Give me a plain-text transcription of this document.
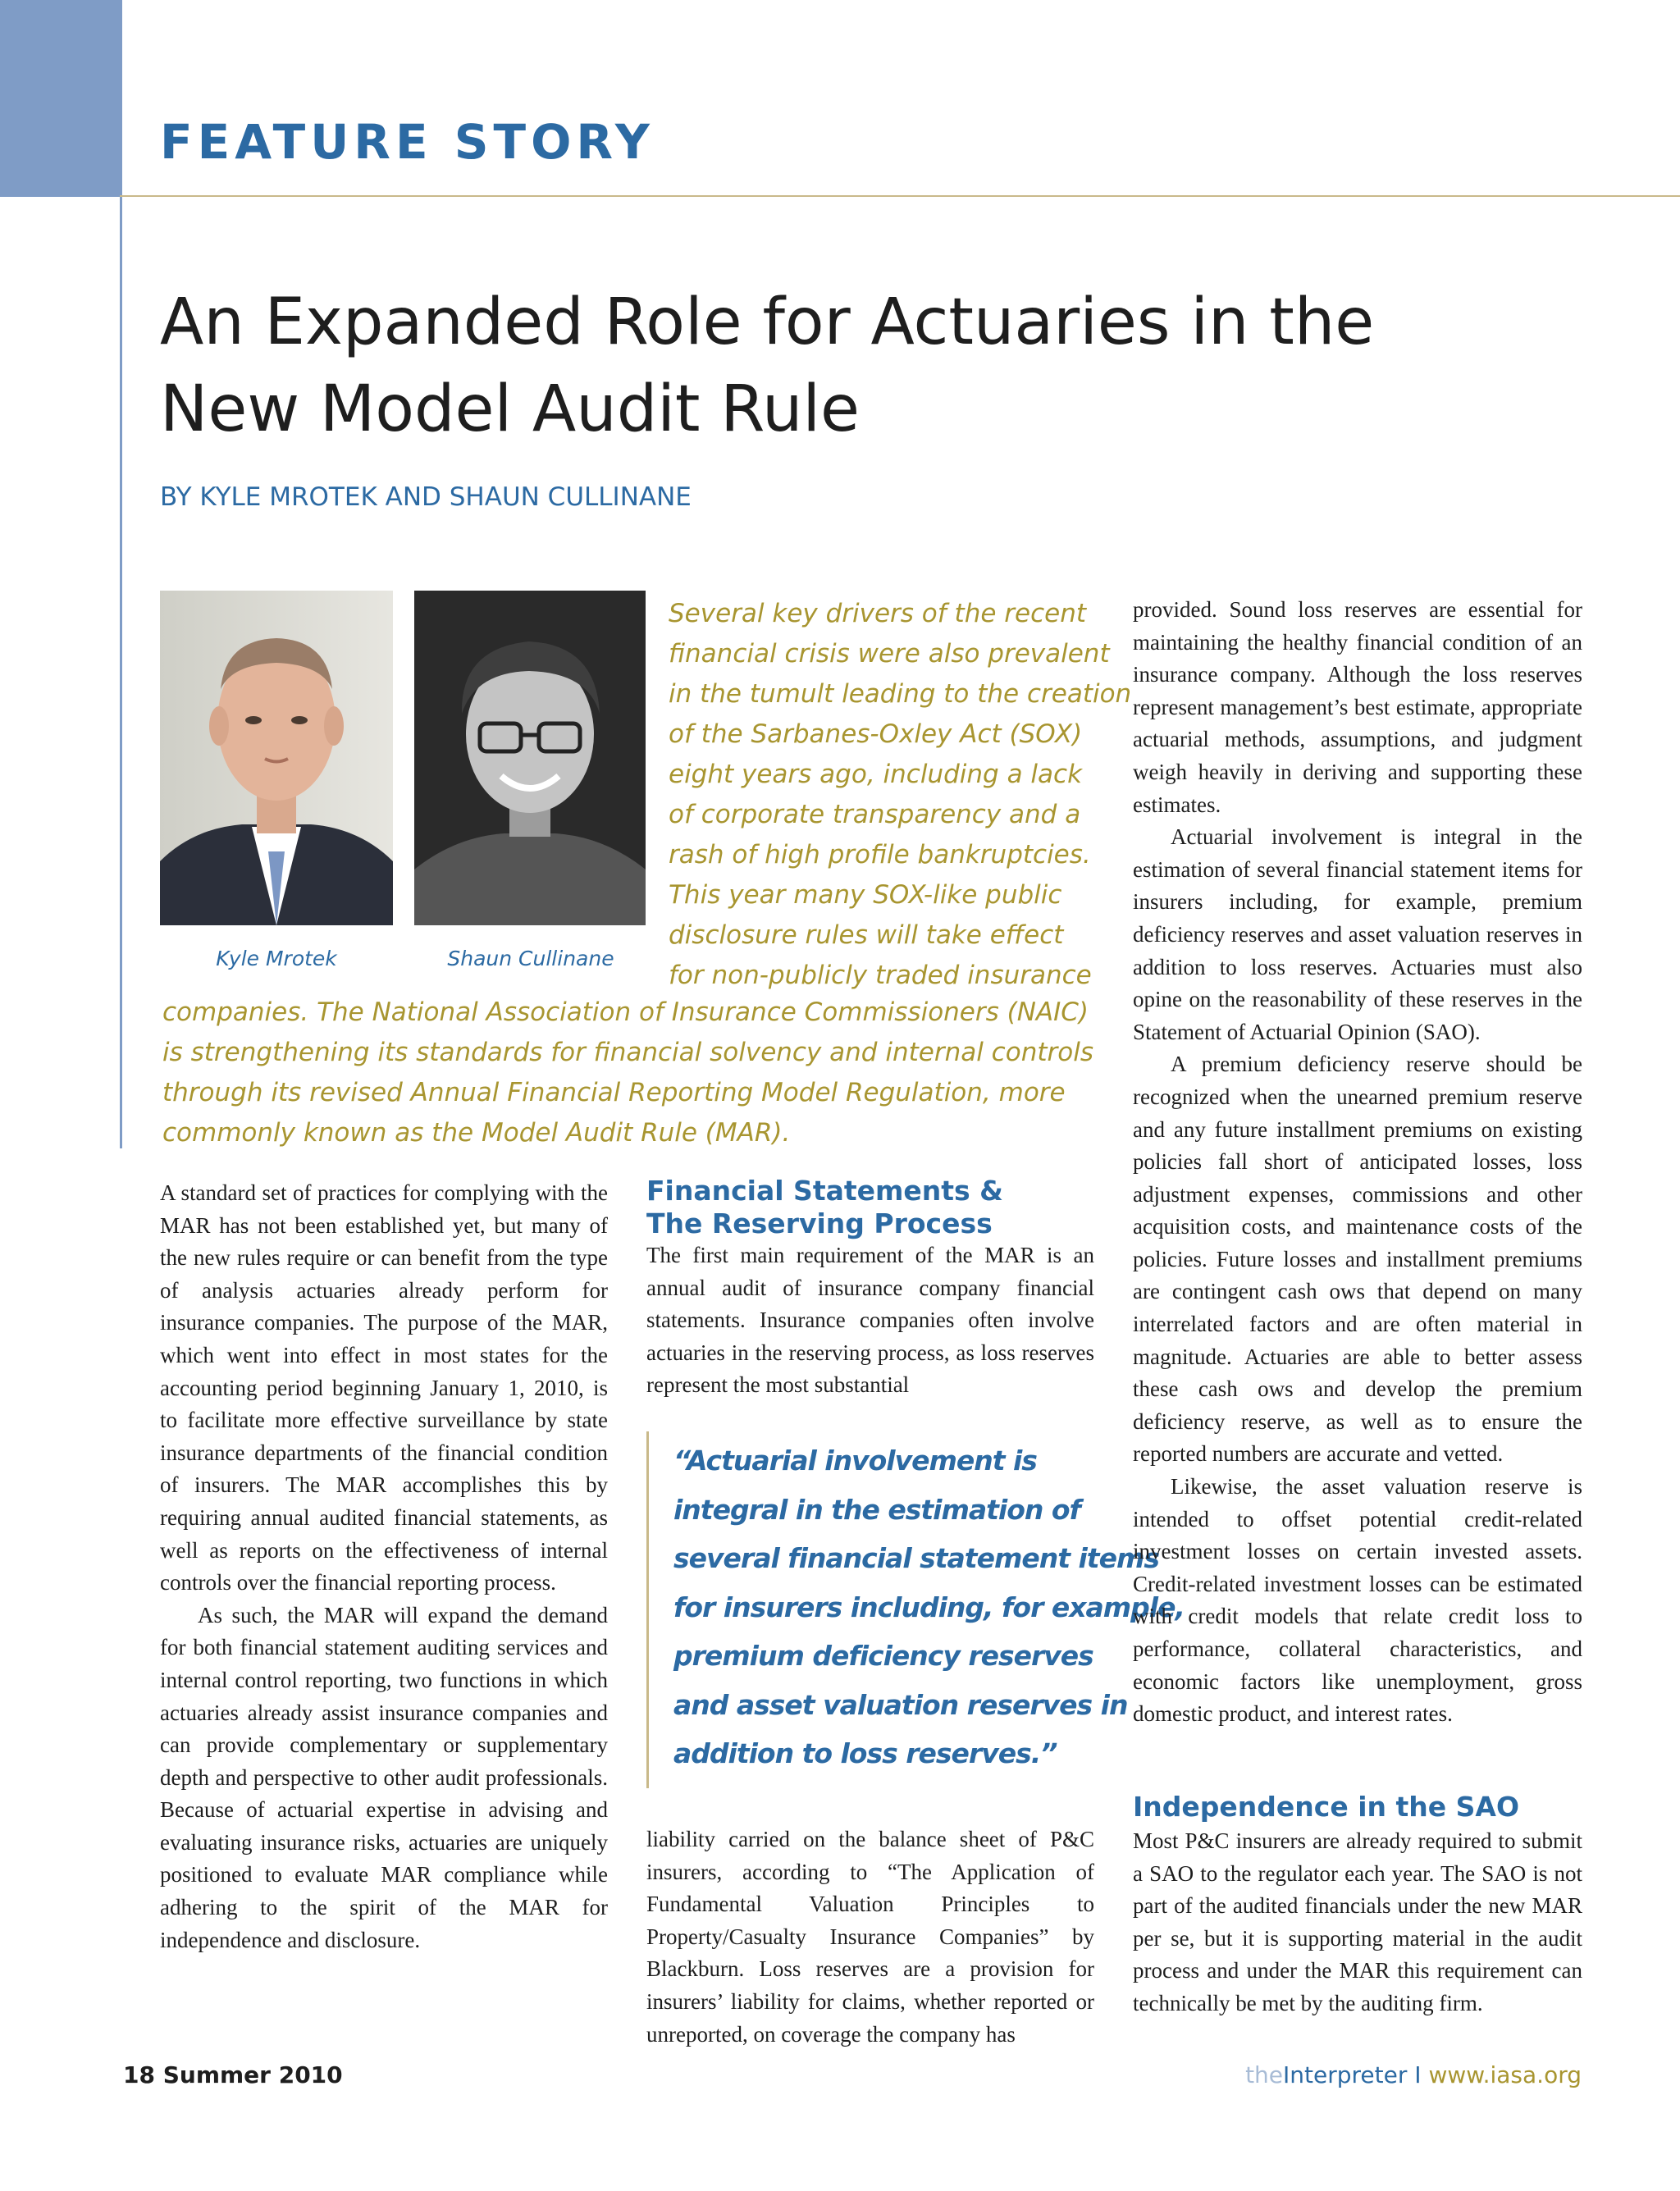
FEATURE STORY
An Expanded Role for Actuaries in the
New Model Audit Rule
BY KYLE MROTEK AND SHAUN CULLINANE
Kyle Mrotek	Shaun Cullinane
Several key drivers of the recent
financial crisis were also prevalent
in the tumult leading to the creation
of the Sarbanes-Oxley Act (SOX)
eight years ago, including a lack
of corporate transparency and a
rash of high profile bankruptcies.
This year many SOX-like public
disclosure rules will take effect
for non-publicly traded insurance
companies. The National Association of Insurance Commissioners (NAIC)
is strengthening its standards for financial solvency and internal controls
through its revised Annual Financial Reporting Model Regulation, more
commonly known as the Model Audit Rule (MAR).

A standard set of practices for complying with the MAR has not been established yet, but many of the new rules require or can benefit from the type of analysis actuaries already perform for insurance companies. The purpose of the MAR, which went into effect in most states for the accounting period beginning January 1, 2010, is to facilitate more effective surveillance by state insurance departments of the financial condition of insurers. The MAR accomplishes this by requiring annual audited financial statements, as well as reports on the effectiveness of internal controls over the financial reporting process.

As such, the MAR will expand the demand for both financial statement auditing services and internal control reporting, two functions in which actuaries already assist insurance companies and can provide complementary or supplementary depth and perspective to other audit professionals. Because of actuarial expertise in advising and evaluating insurance risks, actuaries are uniquely positioned to evaluate MAR compliance while adhering to the spirit of the MAR for independence and disclosure.

Financial Statements &
The Reserving Process

The first main requirement of the MAR is an annual audit of insurance company financial statements. Insurance companies often involve actuaries in the reserving process, as loss reserves represent the most substantial

“Actuarial involvement is
integral in the estimation of
several financial statement items
for insurers including, for example,
premium deficiency reserves
and asset valuation reserves in
addition to loss reserves.”

liability carried on the balance sheet of P&C insurers, according to “The Application of Fundamental Valuation Principles to Property/Casualty Insurance Companies” by Blackburn. Loss reserves are a provision for insurers’ liability for claims, whether reported or unreported, on coverage the company has

provided. Sound loss reserves are essential for maintaining the healthy financial condition of an insurance company. Although the loss reserves represent management’s best estimate, appropriate actuarial methods, assumptions, and judgment weigh heavily in deriving and supporting these estimates.

Actuarial involvement is integral in the estimation of several financial statement items for insurers including, for example, premium deficiency reserves and asset valuation reserves in addition to loss reserves. Actuaries must also opine on the reasonability of these reserves in the Statement of Actuarial Opinion (SAO).

A premium deficiency reserve should be recognized when the unearned premium reserve and any future installment premiums on existing policies fall short of anticipated losses, loss adjustment expenses, commissions and other acquisition costs, and maintenance costs of the policies. Future losses and installment premiums are contingent cash ows that depend on many interrelated factors and are often material in magnitude. Actuaries are able to better assess these cash ows and develop the premium deficiency reserve, as well as to ensure the reported numbers are accurate and vetted.

Likewise, the asset valuation reserve is intended to offset potential credit-related investment losses on certain invested assets. Credit-related investment losses can be estimated with credit models that relate credit loss to performance, collateral characteristics, and economic factors like unemployment, gross domestic product, and interest rates.

Independence in the SAO

Most P&C insurers are already required to submit a SAO to the regulator each year. The SAO is not part of the audited financials under the new MAR per se, but it is supporting material in the audit process and under the MAR this requirement can technically be met by the auditing firm.

18 Summer 2010	theInterpreter I www.iasa.org
